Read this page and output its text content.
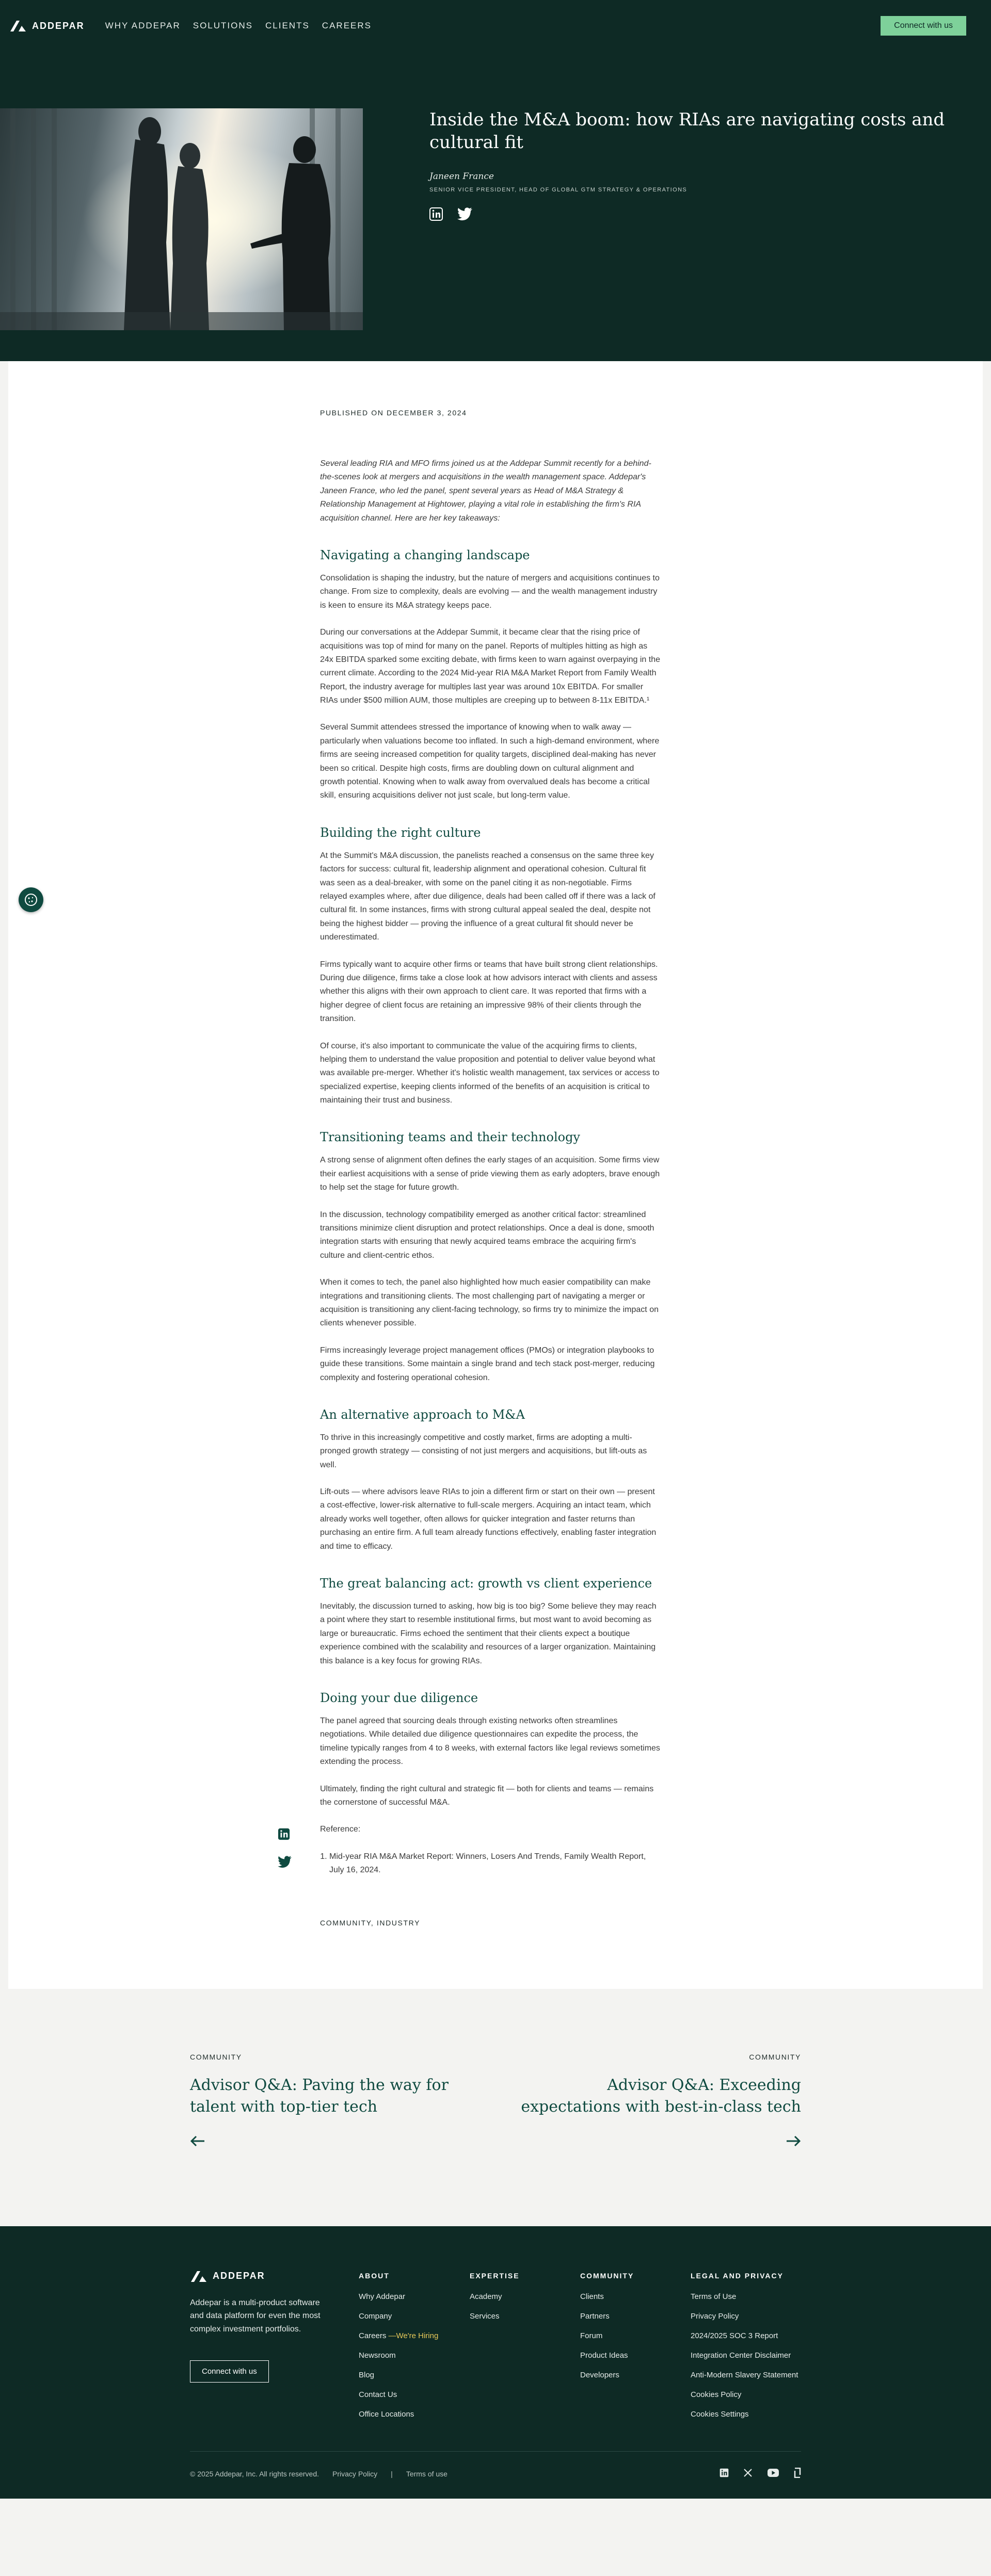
ADDEPAR WHY ADDEPAR SOLUTIONS CLIENTS CAREERS	Connect with us
Inside the M&A boom: how RIAs are navigating costs and cultural fit
Janeen France
SENIOR VICE PRESIDENT, HEAD OF GLOBAL GTM STRATEGY & OPERATIONS
PUBLISHED ON DECEMBER 3, 2024

Several leading RIA and MFO firms joined us at the Addepar Summit recently for a behind-the-scenes look at mergers and acquisitions in the wealth management space. Addepar's Janeen France, who led the panel, spent several years as Head of M&A Strategy & Relationship Management at Hightower, playing a vital role in establishing the firm's RIA acquisition channel. Here are her key takeaways:

Navigating a changing landscape

Consolidation is shaping the industry, but the nature of mergers and acquisitions continues to change. From size to complexity, deals are evolving — and the wealth management industry is keen to ensure its M&A strategy keeps pace.

During our conversations at the Addepar Summit, it became clear that the rising price of acquisitions was top of mind for many on the panel. Reports of multiples hitting as high as 24x EBITDA sparked some exciting debate, with firms keen to warn against overpaying in the current climate. According to the 2024 Mid-year RIA M&A Market Report from Family Wealth Report, the industry average for multiples last year was around 10x EBITDA. For smaller RIAs under $500 million AUM, those multiples are creeping up to between 8-11x EBITDA.¹

Several Summit attendees stressed the importance of knowing when to walk away — particularly when valuations become too inflated. In such a high-demand environment, where firms are seeing increased competition for quality targets, disciplined deal-making has never been so critical. Despite high costs, firms are doubling down on cultural alignment and growth potential. Knowing when to walk away from overvalued deals has become a critical skill, ensuring acquisitions deliver not just scale, but long-term value.

Building the right culture

At the Summit's M&A discussion, the panelists reached a consensus on the same three key factors for success: cultural fit, leadership alignment and operational cohesion. Cultural fit was seen as a deal-breaker, with some on the panel citing it as non-negotiable. Firms relayed examples where, after due diligence, deals had been called off if there was a lack of cultural fit. In some instances, firms with strong cultural appeal sealed the deal, despite not being the highest bidder — proving the influence of a great cultural fit should never be underestimated.

Firms typically want to acquire other firms or teams that have built strong client relationships. During due diligence, firms take a close look at how advisors interact with clients and assess whether this aligns with their own approach to client care. It was reported that firms with a higher degree of client focus are retaining an impressive 98% of their clients through the transition.

Of course, it's also important to communicate the value of the acquiring firms to clients, helping them to understand the value proposition and potential to deliver value beyond what was available pre-merger. Whether it's holistic wealth management, tax services or access to specialized expertise, keeping clients informed of the benefits of an acquisition is critical to maintaining their trust and business.

Transitioning teams and their technology

A strong sense of alignment often defines the early stages of an acquisition. Some firms view their earliest acquisitions with a sense of pride viewing them as early adopters, brave enough to help set the stage for future growth.

In the discussion, technology compatibility emerged as another critical factor: streamlined transitions minimize client disruption and protect relationships. Once a deal is done, smooth integration starts with ensuring that newly acquired teams embrace the acquiring firm's culture and client-centric ethos.

When it comes to tech, the panel also highlighted how much easier compatibility can make integrations and transitioning clients. The most challenging part of navigating a merger or acquisition is transitioning any client-facing technology, so firms try to minimize the impact on clients whenever possible.

Firms increasingly leverage project management offices (PMOs) or integration playbooks to guide these transitions. Some maintain a single brand and tech stack post-merger, reducing complexity and fostering operational cohesion.

An alternative approach to M&A

To thrive in this increasingly competitive and costly market, firms are adopting a multi-pronged growth strategy — consisting of not just mergers and acquisitions, but lift-outs as well.

Lift-outs — where advisors leave RIAs to join a different firm or start on their own — present a cost-effective, lower-risk alternative to full-scale mergers. Acquiring an intact team, which already works well together, often allows for quicker integration and faster returns than purchasing an entire firm. A full team already functions effectively, enabling faster integration and time to efficacy.

The great balancing act: growth vs client experience

Inevitably, the discussion turned to asking, how big is too big? Some believe they may reach a point where they start to resemble institutional firms, but most want to avoid becoming as large or bureaucratic. Firms echoed the sentiment that their clients expect a boutique experience combined with the scalability and resources of a larger organization. Maintaining this balance is a key focus for growing RIAs.

Doing your due diligence

The panel agreed that sourcing deals through existing networks often streamlines negotiations. While detailed due diligence questionnaires can expedite the process, the timeline typically ranges from 4 to 8 weeks, with external factors like legal reviews sometimes extending the process.

Ultimately, finding the right cultural and strategic fit — both for clients and teams — remains the cornerstone of successful M&A.

Reference:

1. Mid-year RIA M&A Market Report: Winners, Losers And Trends, Family Wealth Report, July 16, 2024.
COMMUNITY, INDUSTRY
COMMUNITY
Advisor Q&A: Paving the way for talent with top-tier tech
COMMUNITY
Advisor Q&A: Exceeding expectations with best-in-class tech
ADDEPAR

Addepar is a multi-product software and data platform for even the most complex investment portfolios.

Connect with us
ABOUT
Why Addepar
Company
Careers —We're Hiring
Newsroom
Blog
Contact Us
Office Locations
EXPERTISE
Academy
Services
COMMUNITY
Clients
Partners
Forum
Product Ideas
Developers
LEGAL AND PRIVACY
Terms of Use
Privacy Policy
2024/2025 SOC 3 Report
Integration Center Disclaimer
Anti-Modern Slavery Statement
Cookies Policy
Cookies Settings
© 2025 Addepar, Inc. All rights reserved. Privacy Policy | Terms of use
